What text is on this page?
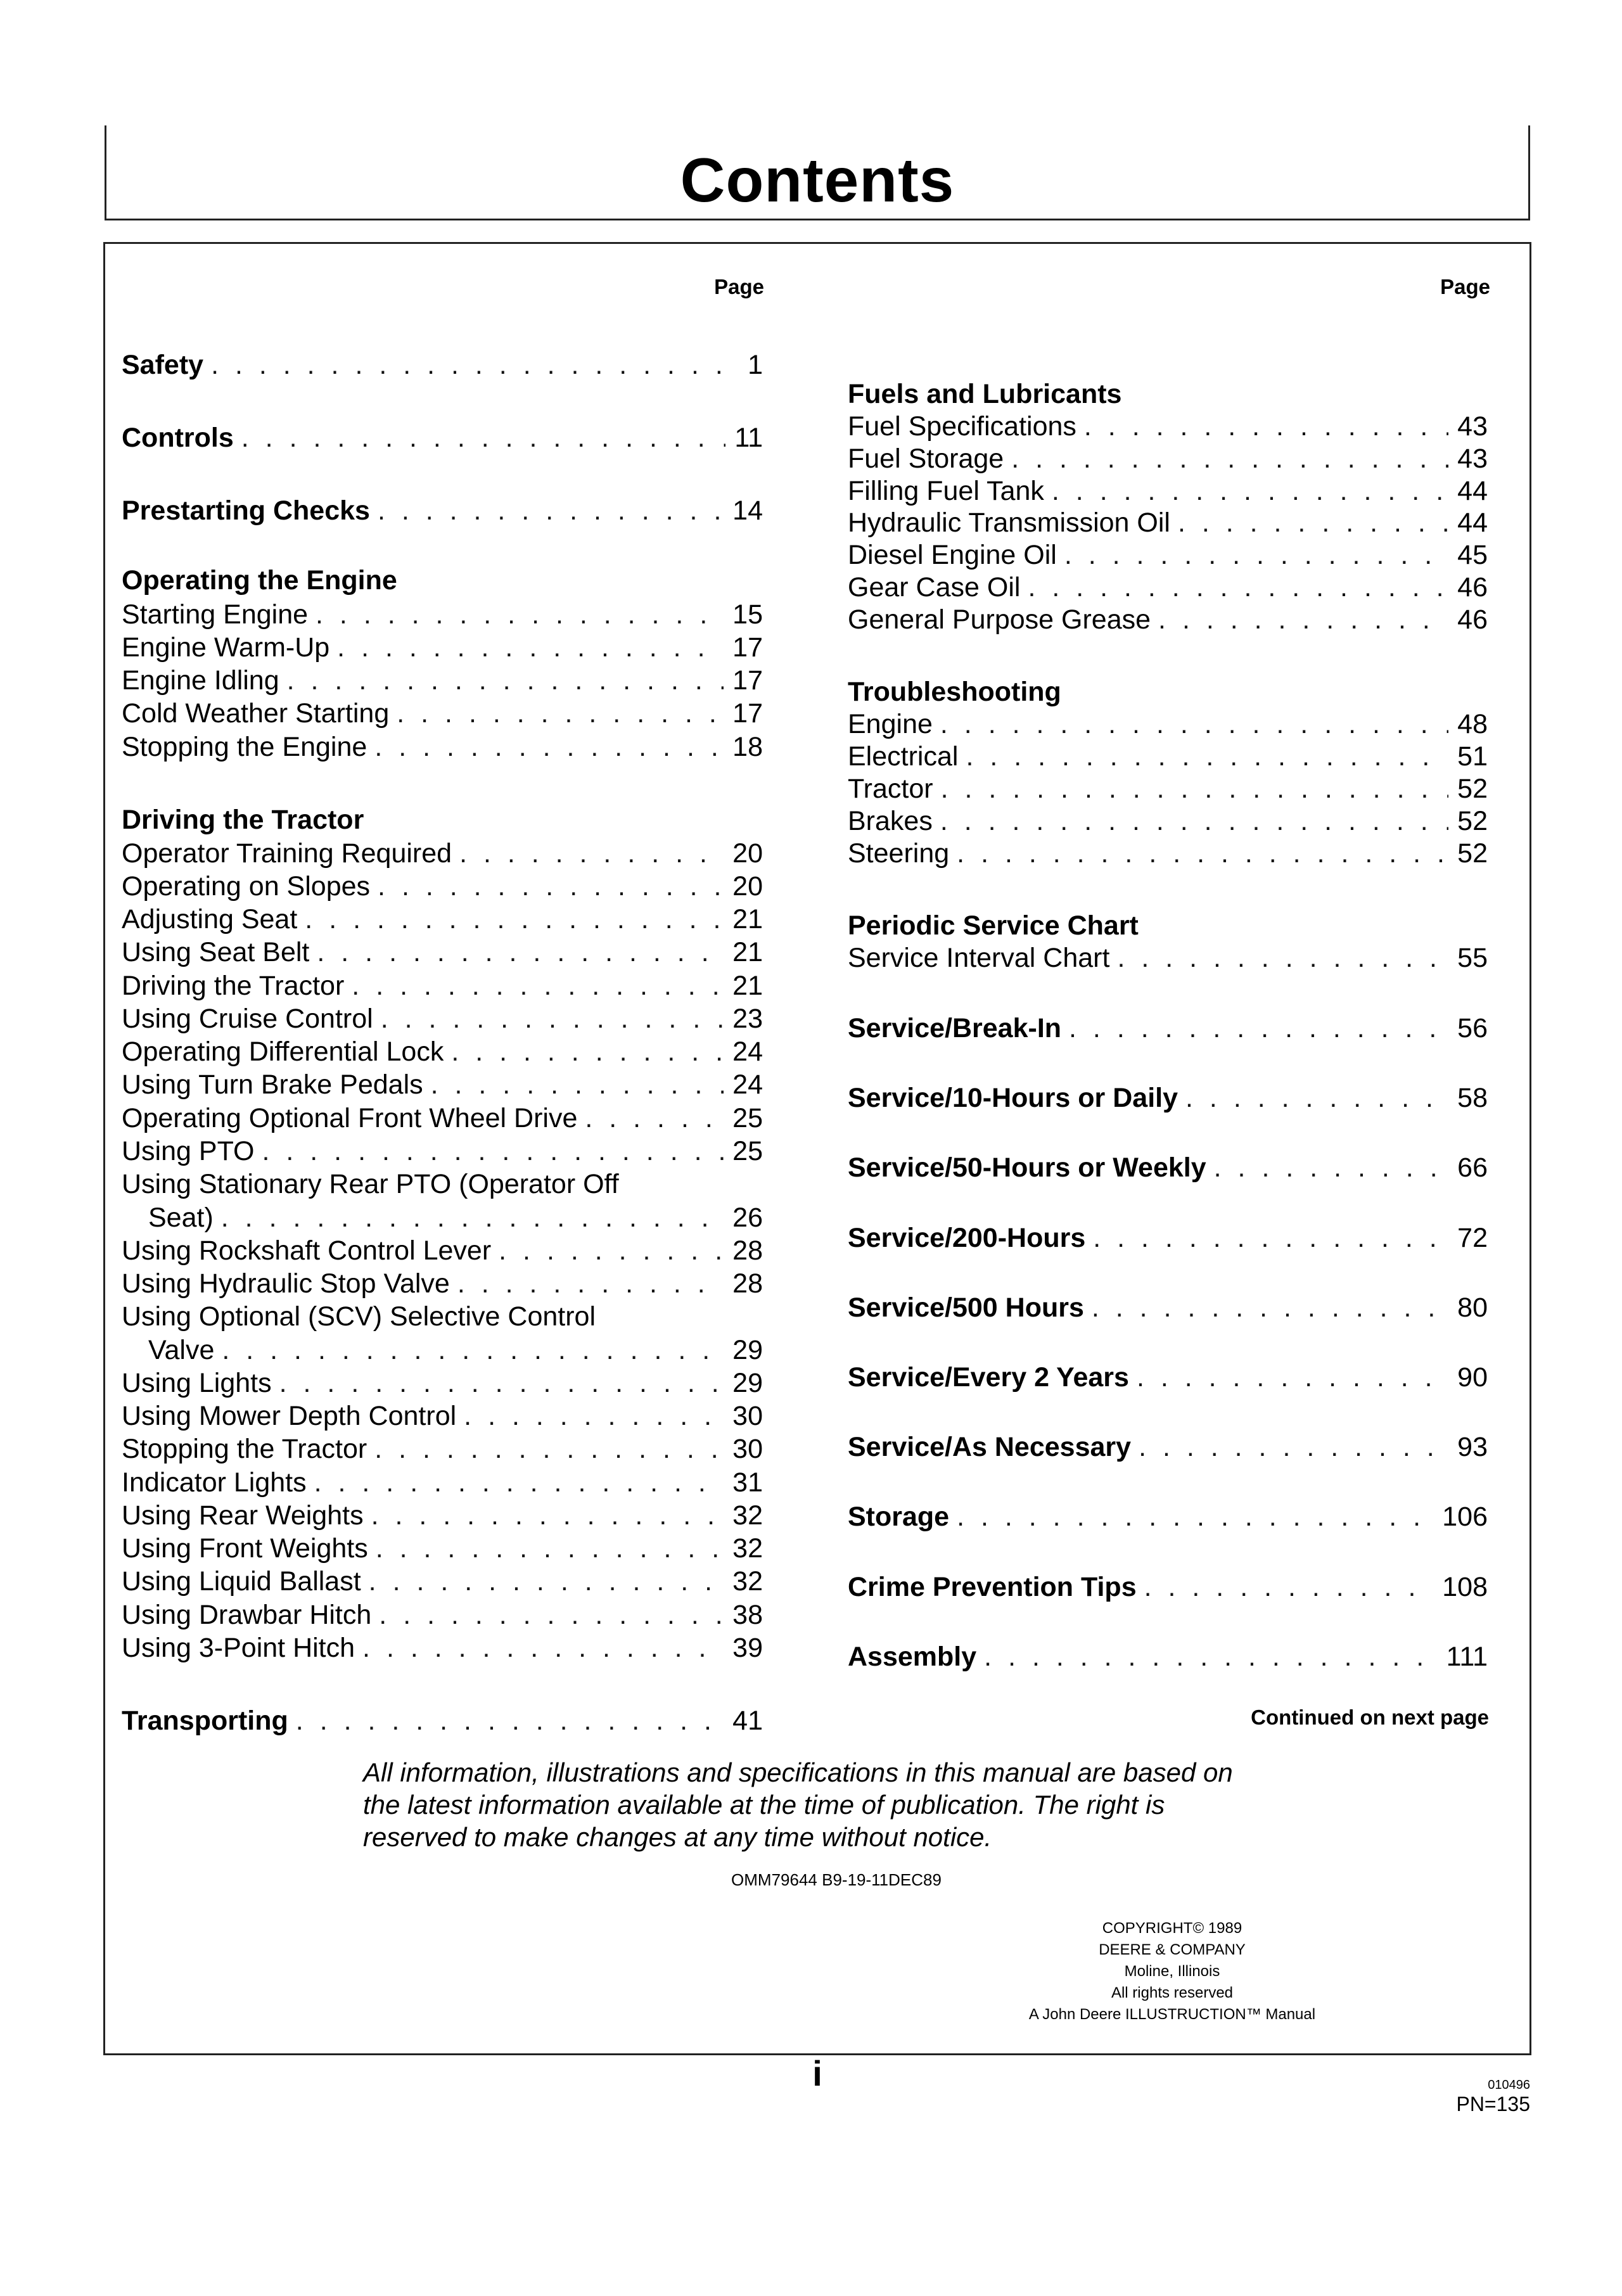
Contents
Page	Page
Safety . . .	1
Controls . . .	11
Prestarting Checks . . .	14
Operating the Engine
Starting Engine . . .	15
Engine Warm-Up . . .	17
Engine Idling . . .	17
Cold Weather Starting . . .	17
Stopping the Engine . . .	18
Driving the Tractor
Operator Training Required . . .	20
Operating on Slopes . . .	20
Adjusting Seat . . .	21
Using Seat Belt . . .	21
Driving the Tractor . . .	21
Using Cruise Control . . .	23
Operating Differential Lock . . .	24
Using Turn Brake Pedals . . .	24
Operating Optional Front Wheel Drive . . .	25
Using PTO . . .	25
Using Stationary Rear PTO (Operator Off
Seat) . . .	26
Using Rockshaft Control Lever . . .	28
Using Hydraulic Stop Valve . . .	28
Using Optional (SCV) Selective Control
Valve . . .	29
Using Lights . . .	29
Using Mower Depth Control . . .	30
Stopping the Tractor . . .	30
Indicator Lights . . .	31
Using Rear Weights . . .	32
Using Front Weights . . .	32
Using Liquid Ballast . . .	32
Using Drawbar Hitch . . .	38
Using 3-Point Hitch . . .	39
Transporting . . .	41
Fuels and Lubricants
Fuel Specifications . . .	43
Fuel Storage . . .	43
Filling Fuel Tank . . .	44
Hydraulic Transmission Oil . . .	44
Diesel Engine Oil . . .	45
Gear Case Oil . . .	46
General Purpose Grease . . .	46
Troubleshooting
Engine . . .	48
Electrical . . .	51
Tractor . . .	52
Brakes . . .	52
Steering . . .	52
Periodic Service Chart
Service Interval Chart . . .	55
Service/Break-In . . .	56
Service/10-Hours or Daily . . .	58
Service/50-Hours or Weekly . . .	66
Service/200-Hours . . .	72
Service/500 Hours . . .	80
Service/Every 2 Years . . .	90
Service/As Necessary . . .	93
Storage . . .	106
Crime Prevention Tips . . .	108
Assembly . . .	111
Continued on next page
All information, illustrations and specifications in this manual are based on
the latest information available at the time of publication. The right is
reserved to make changes at any time without notice.
OMM79644 B9-19-11DEC89
COPYRIGHT© 1989
DEERE & COMPANY
Moline, Illinois
All rights reserved
A John Deere ILLUSTRUCTION™ Manual
i	010496
PN=135
